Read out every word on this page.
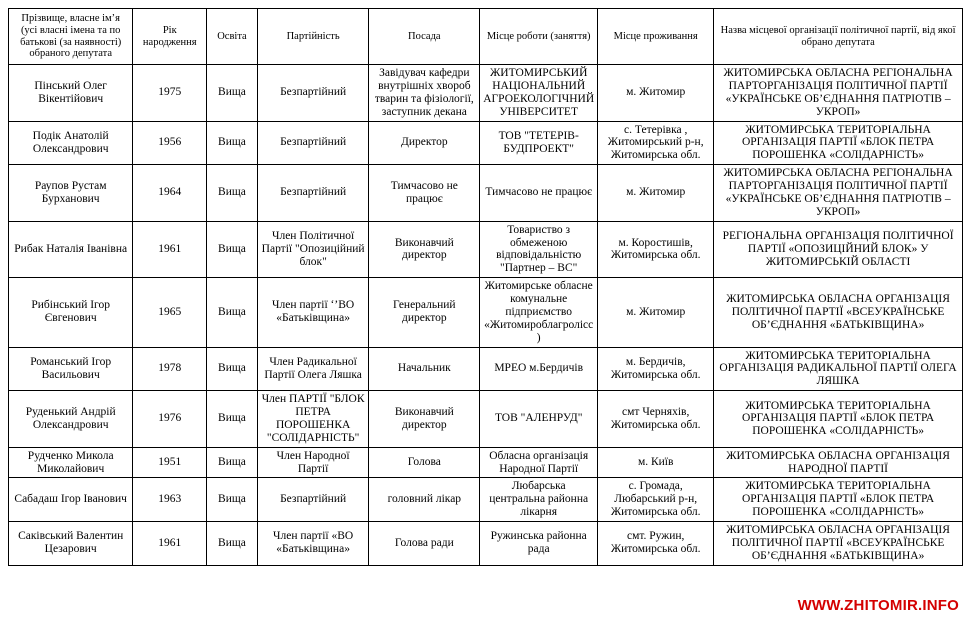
Прізвище, власне ім’я (усі власні імена та по батькові (за наявності) обраного депутата	Рік народження	Освіта	Партійність	Посада	Місце роботи (заняття)	Місце проживання	Назва місцевої організації політичної партії, від якої обрано депутата
Пінський Олег Вікентійович	1975	Вища	Безпартійний	Завідувач кафедри внутрішніх хвороб тварин та фізіології, заступник декана	ЖИТОМИРСЬКИЙ НАЦІОНАЛЬНИЙ АГРОЕКОЛОГІЧНИЙ УНІВЕРСИТЕТ	м. Житомир	ЖИТОМИРСЬКА ОБЛАСНА РЕГІОНАЛЬНА ПАРТОРГАНІЗАЦІЯ ПОЛІТИЧНОЇ ПАРТІЇ «УКРАЇНСЬКЕ ОБ’ЄДНАННЯ ПАТРІОТІВ – УКРОП»
Подік Анатолій Олександрович	1956	Вища	Безпартійний	Директор	ТОВ "ТЕТЕРІВ-БУДПРОЕКТ"	с. Тетерівка , Житомирський р-н, Житомирська обл.	ЖИТОМИРСЬКА ТЕРИТОРІАЛЬНА ОРГАНІЗАЦІЯ ПАРТІЇ «БЛОК ПЕТРА ПОРОШЕНКА «СОЛІДАРНІСТЬ»
Раупов Рустам Бурханович	1964	Вища	Безпартійний	Тимчасово не працює	Тимчасово не працює	м. Житомир	ЖИТОМИРСЬКА ОБЛАСНА РЕГІОНАЛЬНА ПАРТОРГАНІЗАЦІЯ ПОЛІТИЧНОЇ ПАРТІЇ «УКРАЇНСЬКЕ ОБ’ЄДНАННЯ ПАТРІОТІВ – УКРОП»
Рибак Наталія Іванівна	1961	Вища	Член Політичної Партії "Опозиційний блок"	Виконавчий директор	Товариство з обмеженою відповідальністю "Партнер – ВС"	м. Коростишів, Житомирська обл.	РЕГІОНАЛЬНА ОРГАНІЗАЦІЯ ПОЛІТИЧНОЇ ПАРТІЇ «ОПОЗИЦІЙНИЙ БЛОК» У ЖИТОМИРСЬКІЙ ОБЛАСТІ
Рибінський Ігор Євгенович	1965	Вища	Член партії ‘’ВО «Батьківщина»	Генеральний директор	Житомирське обласне комунальне підприємство «Житомироблагролісс)	м. Житомир	ЖИТОМИРСЬКА ОБЛАСНА ОРГАНІЗАЦІЯ ПОЛІТИЧНОЇ ПАРТІЇ «ВСЕУКРАЇНСЬКЕ ОБ’ЄДНАННЯ «БАТЬКІВЩИНА»
Романський Ігор Васильович	1978	Вища	Член Радикальної Партії Олега Ляшка	Начальник	МРЕО м.Бердичів	м. Бердичів, Житомирська обл.	ЖИТОМИРСЬКА ТЕРИТОРІАЛЬНА ОРГАНІЗАЦІЯ РАДИКАЛЬНОЇ ПАРТІЇ ОЛЕГА ЛЯШКА
Руденький Андрій Олександрович	1976	Вища	Член ПАРТІЇ "БЛОК ПЕТРА ПОРОШЕНКА "СОЛІДАРНІСТЬ"	Виконавчий директор	ТОВ "АЛЕНРУД"	смт Черняхів, Житомирська обл.	ЖИТОМИРСЬКА ТЕРИТОРІАЛЬНА ОРГАНІЗАЦІЯ ПАРТІЇ «БЛОК ПЕТРА ПОРОШЕНКА «СОЛІДАРНІСТЬ»
Рудченко Микола Миколайович	1951	Вища	Член Народної Партії	Голова	Обласна організація Народної Партії	м. Київ	ЖИТОМИРСЬКА ОБЛАСНА ОРГАНІЗАЦІЯ НАРОДНОЇ ПАРТІЇ
Сабадаш Ігор Іванович	1963	Вища	Безпартійний	головний лікар	Любарська центральна районна лікарня	с. Громада, Любарський р-н, Житомирська обл.	ЖИТОМИРСЬКА ТЕРИТОРІАЛЬНА ОРГАНІЗАЦІЯ ПАРТІЇ «БЛОК ПЕТРА ПОРОШЕНКА «СОЛІДАРНІСТЬ»
Саківський Валентин Цезарович	1961	Вища	Член партії «ВО «Батьківщина»	Голова ради	Ружинська районна рада	смт. Ружин, Житомирська обл.	ЖИТОМИРСЬКА ОБЛАСНА ОРГАНІЗАЦІЯ ПОЛІТИЧНОЇ ПАРТІЇ «ВСЕУКРАЇНСЬКЕ ОБ’ЄДНАННЯ «БАТЬКІВЩИНА»
WWW.ZHITOMIR.INFO
